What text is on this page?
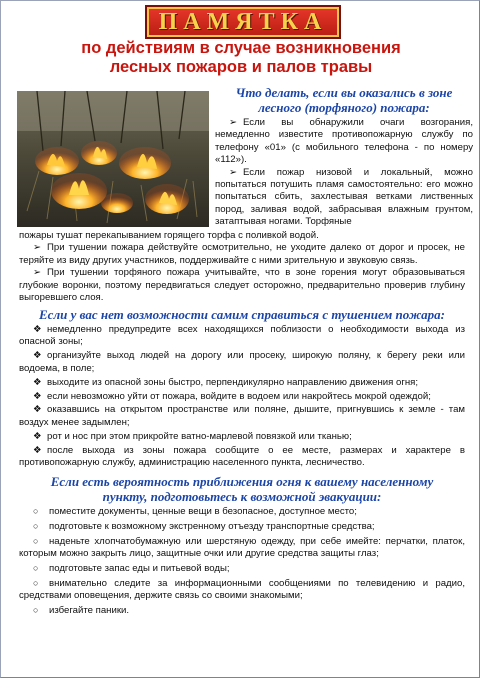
ПАМЯТКА
по действиям в случае возникновения
лесных пожаров и палов травы
Что делать, если вы оказались в зоне
лесного (торфяного) пожара:

➢ Если вы обнаружили очаги возгорания, немедленно известите противопожарную службу по телефону «01» (с мобильного телефона - по номеру «112»).

➢ Если пожар низовой и локальный, можно попытаться потушить пламя самостоятельно: его можно попытаться сбить, захлестывая ветками лиственных пород, заливая водой, забрасывая влажным грунтом, затаптывая ногами. Торфяные

пожары тушат перекапыванием горящего торфа с поливкой водой.

➢ При тушении пожара действуйте осмотрительно, не уходите далеко от дорог и просек, не теряйте из виду других участников, поддерживайте с ними зрительную и звуковую связь.

➢ При тушении торфяного пожара учитывайте, что в зоне горения могут образовываться глубокие воронки, поэтому передвигаться следует осторожно, предварительно проверив глубину выгоревшего слоя.

Если у вас нет возможности самим справиться с тушением пожара:

❖ немедленно предупредите всех находящихся поблизости о необходимости выхода из опасной зоны;

❖ организуйте выход людей на дорогу или просеку, широкую поляну, к берегу реки или водоема, в поле;

❖ выходите из опасной зоны быстро, перпендикулярно направлению движения огня;

❖ если невозможно уйти от пожара, войдите в водоем или накройтесь мокрой одеждой;

❖ оказавшись на открытом пространстве или поляне, дышите, пригнувшись к земле - там воздух менее задымлен;

❖ рот и нос при этом прикройте ватно-марлевой повязкой или тканью;

❖ после выхода из зоны пожара сообщите о ее месте, размерах и характере в противопожарную службу, администрацию населенного пункта, лесничество.

Если есть вероятность приближения огня к вашему населенному
пункту, подготовьтесь к возможной эвакуации:

○ поместите документы, ценные вещи в безопасное, доступное место;

○ подготовьте к возможному экстренному отъезду транспортные средства;

○ наденьте хлопчатобумажную или шерстяную одежду, при себе имейте: перчатки, платок, которым можно закрыть лицо, защитные очки или другие средства защиты глаз;

○ подготовьте запас еды и питьевой воды;

○ внимательно следите за информационными сообщениями по телевидению и радио, средствами оповещения, держите связь со своими знакомыми;

○ избегайте паники.
